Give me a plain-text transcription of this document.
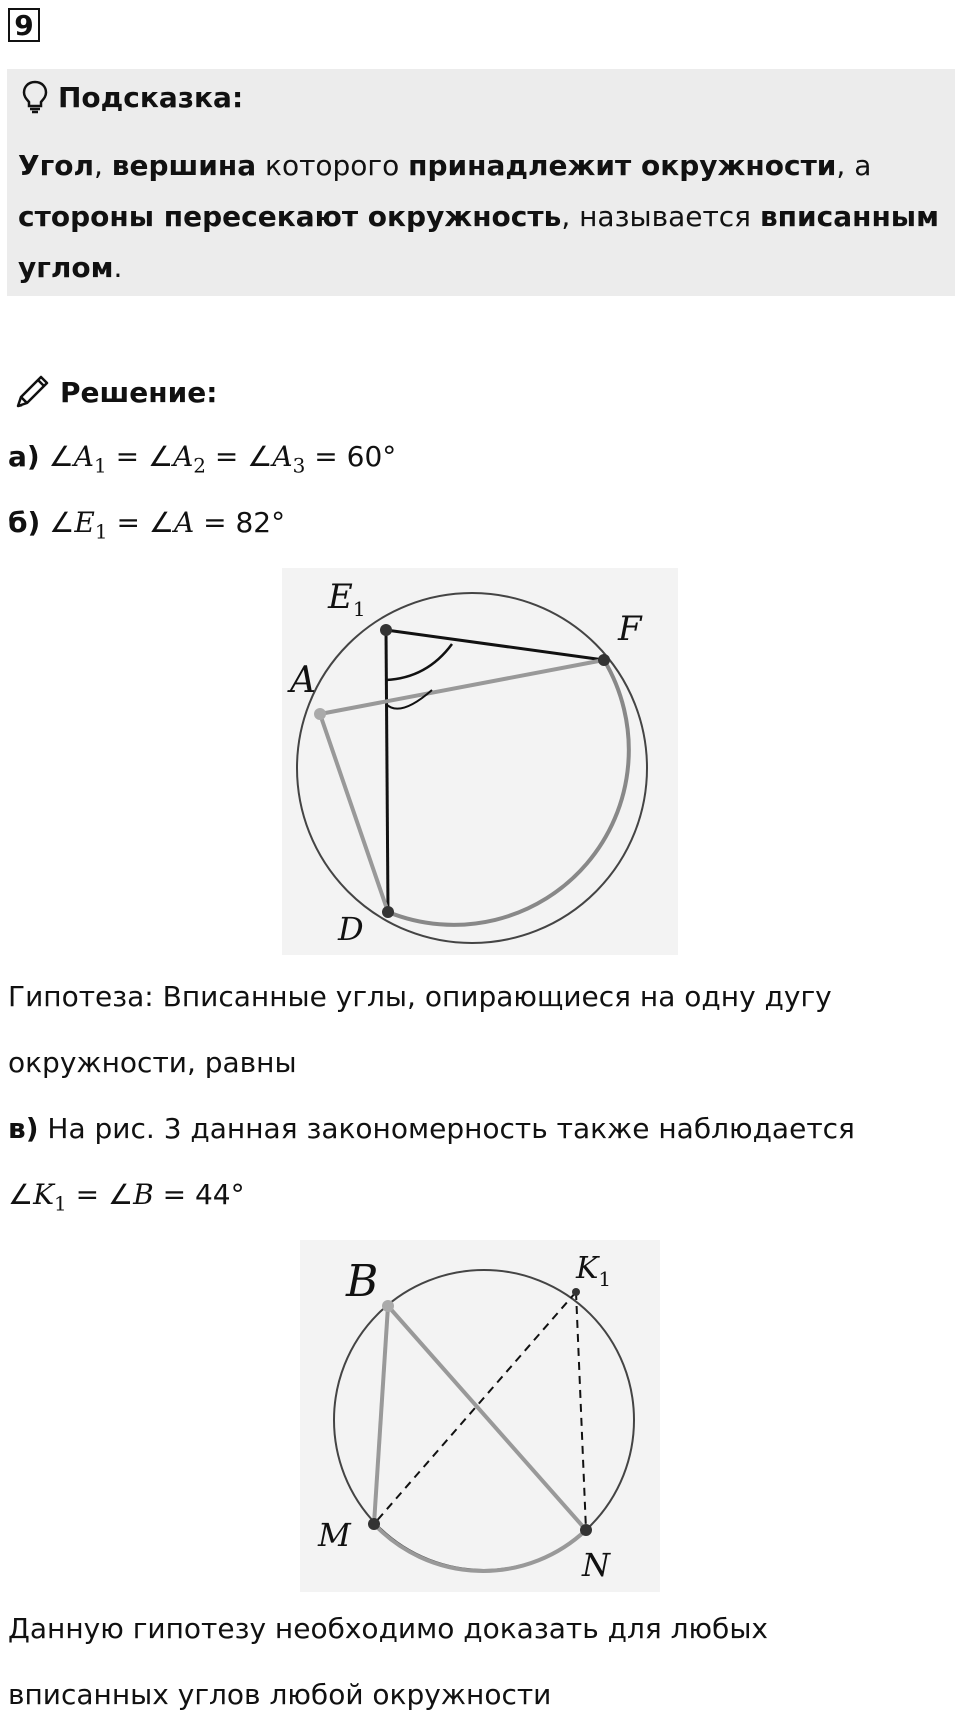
9
Подсказка:
Угол, вершина которого принадлежит окружности, а стороны пересекают окружность, называется вписанным углом.
Решение:
а) $\angle A_1$ = $\angle A_2$ = $\angle A_3 = 60^\circ$
б) $\angle E_1$ = ∠A = 82°
$E_1$	F
A
D
Гипотеза: Вписанные углы, опирающиеся на одну дугу
окружности, равны
в) На рис. 3 данная закономерность также наблюдается
$\angle K_1$ = ∠B = 44°
B	$K_1$
M
N
Данную гипотезу необходимо доказать для любых
вписанных углов любой окружности
